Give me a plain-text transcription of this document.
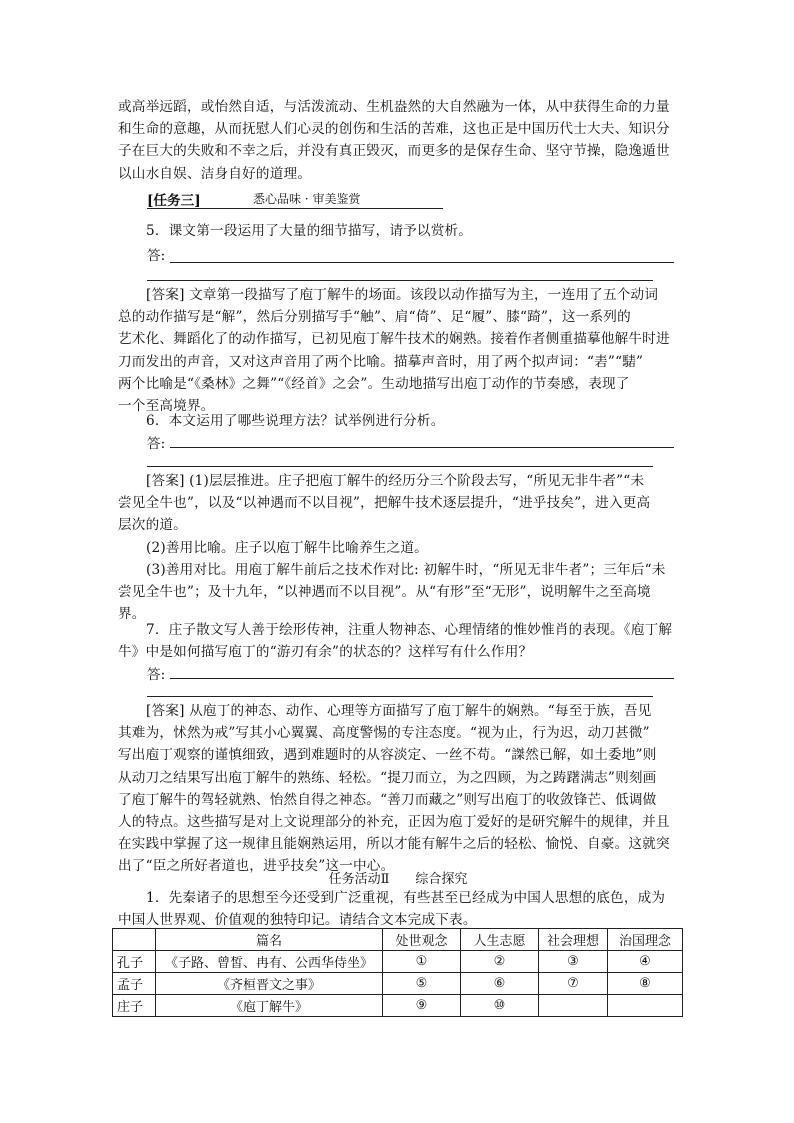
或高举远蹈，或怡然自适，与活泼流动、生机盎然的大自然融为一体，从中获得生命的力量
和生命的意趣，从而抚慰人们心灵的创伤和生活的苦难，这也正是中国历代士大夫、知识分
子在巨大的失败和不幸之后，并没有真正毁灭，而更多的是保存生命、坚守节操，隐逸遁世
以山水自娱、洁身自好的道理。
[任务三]	悉心品味 · 审美鉴赏
5．课文第一段运用了大量的细节描写，请予以赏析。
答:
[答案] 文章第一段描写了庖丁解牛的场面。该段以动作描写为主，一连用了五个动词
总的动作描写是“解”，然后分别描写手“触”、肩“倚”、足“履”、膝“踦”，这一系列的
艺术化、舞蹈化了的动作描写，已初见庖丁解牛技术的娴熟。接着作者侧重描摹他解牛时进
刀而发出的声音，又对这声音用了两个比喻。描摹声音时，用了两个拟声词：“砉”“騞”
两个比喻是“《桑林》之舞”“《经首》之会”。生动地描写出庖丁动作的节奏感，表现了
一个至高境界。
6．本文运用了哪些说理方法？试举例进行分析。
答:
[答案] (1)层层推进。庄子把庖丁解牛的经历分三个阶段去写，“所见无非牛者”“未
尝见全牛也”，以及“以神遇而不以目视”，把解牛技术逐层提升，“进乎技矣”，进入更高
层次的道。
(2)善用比喻。庄子以庖丁解牛比喻养生之道。
(3)善用对比。用庖丁解牛前后之技术作对比: 初解牛时，“所见无非牛者”；三年后“未
尝见全牛也”；及十九年，“以神遇而不以目视”。从“有形”至“无形”，说明解牛之至高境
界。
7．庄子散文写人善于绘形传神，注重人物神态、心理情绪的惟妙惟肖的表现。《庖丁解
牛》中是如何描写庖丁的“游刃有余”的状态的？这样写有什么作用？
答:
[答案] 从庖丁的神态、动作、心理等方面描写了庖丁解牛的娴熟。“每至于族，吾见
其难为，怵然为戒”写其小心翼翼、高度警惕的专注态度。“视为止，行为迟，动刀甚微”
写出庖丁观察的谨慎细致，遇到难题时的从容淡定、一丝不苟。“謋然已解，如土委地”则
从动刀之结果写出庖丁解牛的熟练、轻松。“提刀而立，为之四顾，为之踌躇满志”则刻画
了庖丁解牛的驾轻就熟、怡然自得之神态。“善刀而藏之”则写出庖丁的收敛锋芒、低调做
人的特点。这些描写是对上文说理部分的补充，正因为庖丁爱好的是研究解牛的规律，并且
在实践中掌握了这一规律且能娴熟运用，所以才能有解牛之后的轻松、愉悦、自豪。这就突
出了“臣之所好者道也，进乎技矣”这一中心。
任务活动Ⅱ　　综合探究
1．先秦诸子的思想至今还受到广泛重视，有些甚至已经成为中国人思想的底色，成为
中国人世界观、价值观的独特印记。请结合文本完成下表。
	篇名	处世观念	人生志愿	社会理想	治国理念
孔子	《子路、曾皙、冉有、公西华侍坐》	①	②	③	④
孟子	《齐桓晋文之事》	⑤	⑥	⑦	⑧
庄子	《庖丁解牛》	⑨	⑩		
